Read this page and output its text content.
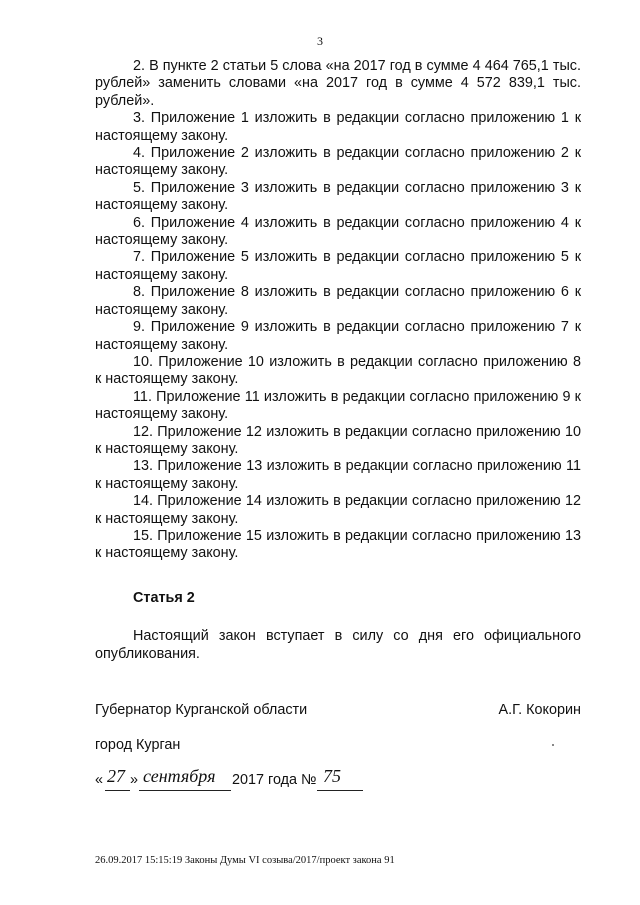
3

2. В пункте 2 статьи 5 слова «на 2017 год в сумме 4 464 765,1 тыс. рублей» заменить словами «на 2017 год в сумме 4 572 839,1 тыс. рублей».

3. Приложение 1 изложить в редакции согласно приложению 1 к настоящему закону.

4. Приложение 2 изложить в редакции согласно приложению 2 к настоящему закону.

5. Приложение 3 изложить в редакции согласно приложению 3 к настоящему закону.

6. Приложение 4 изложить в редакции согласно приложению 4 к настоящему закону.

7. Приложение 5 изложить в редакции согласно приложению 5 к настоящему закону.

8. Приложение 8 изложить в редакции согласно приложению 6 к настоящему закону.

9. Приложение 9 изложить в редакции согласно приложению 7 к настоящему закону.

10. Приложение 10 изложить в редакции согласно приложению 8 к настоящему закону.

11. Приложение 11 изложить в редакции согласно приложению 9 к настоящему закону.

12. Приложение 12 изложить в редакции согласно приложению 10 к настоящему закону.

13. Приложение 13 изложить в редакции согласно приложению 11 к настоящему закону.

14. Приложение 14 изложить в редакции согласно приложению 12 к настоящему закону.

15. Приложение 15 изложить в редакции согласно приложению 13 к настоящему закону.

Статья 2

Настоящий закон вступает в силу со дня его официального опубликования.

Губернатор Курганской области	А.Г. Кокорин
город Курган
« 27 » сентября 2017 года № 75
26.09.2017 15:15:19 Законы Думы VI созыва/2017/проект закона 91
